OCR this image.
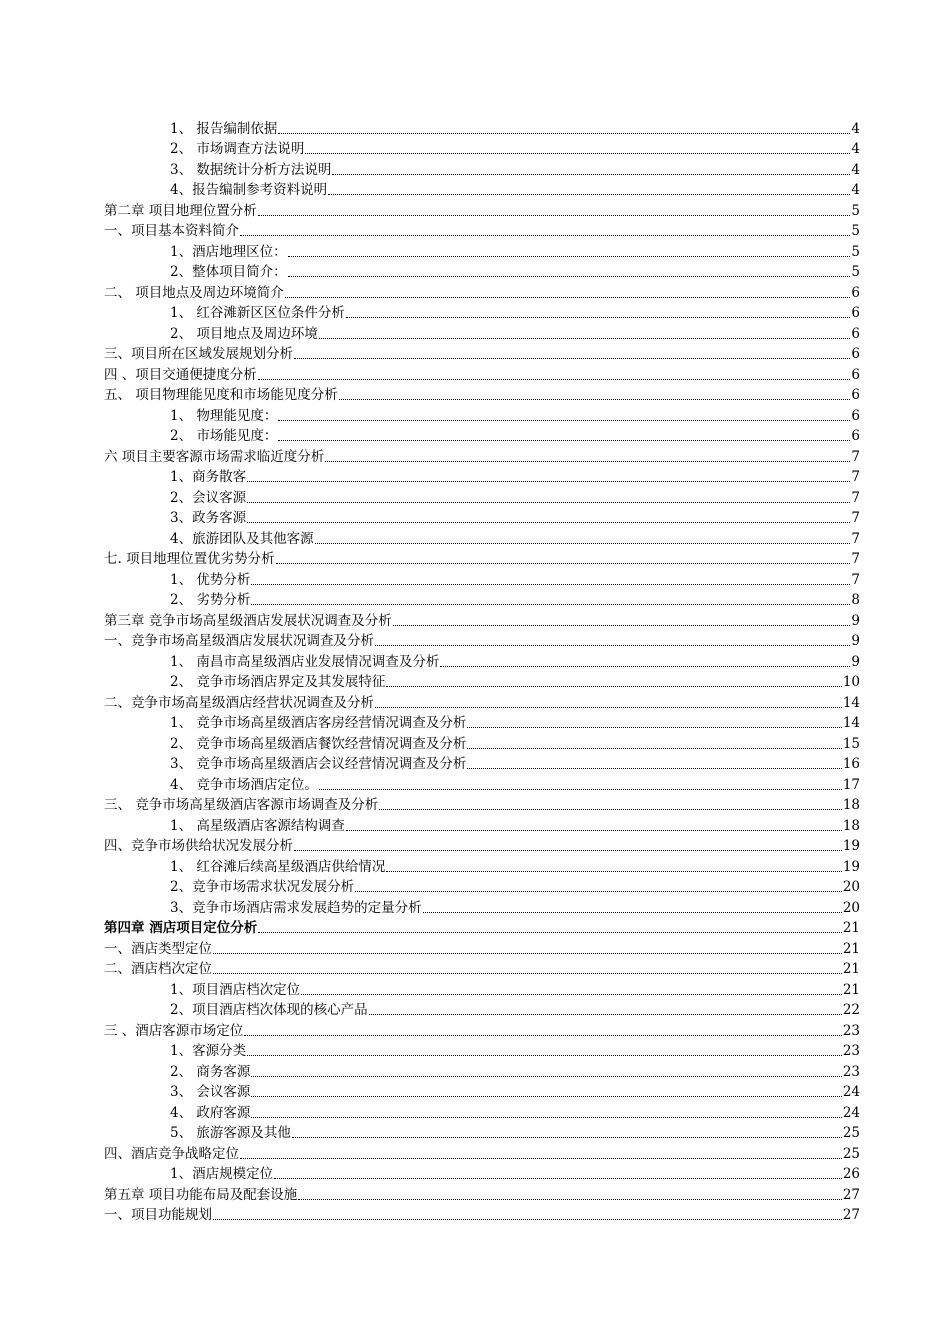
1、 报告编制依据	4
2、 市场调查方法说明	4
3、 数据统计分析方法说明	4
4、报告编制参考资料说明	4
第二章 项目地理位置分析	5
一、项目基本资料简介	5
1、酒店地理区位：	5
2、整体项目简介：	5
二、 项目地点及周边环境简介	6
1、 红谷滩新区区位条件分析	6
2、 项目地点及周边环境	6
三、项目所在区域发展规划分析	6
四 、项目交通便捷度分析	6
五、 项目物理能见度和市场能见度分析	6
1、 物理能见度：	6
2、 市场能见度：	6
六 项目主要客源市场需求临近度分析	7
1、商务散客	7
2、会议客源	7
3、政务客源	7
4、旅游团队及其他客源	7
七. 项目地理位置优劣势分析	7
1、 优势分析	7
2、 劣势分析	8
第三章 竞争市场高星级酒店发展状况调查及分析	9
一、竞争市场高星级酒店发展状况调查及分析	9
1、 南昌市高星级酒店业发展情况调查及分析	9
2、 竞争市场酒店界定及其发展特征	10
二、竞争市场高星级酒店经营状况调查及分析	14
1、 竞争市场高星级酒店客房经营情况调查及分析	14
2、 竞争市场高星级酒店餐饮经营情况调查及分析	15
3、 竞争市场高星级酒店会议经营情况调查及分析	16
4、 竞争市场酒店定位。	17
三、 竞争市场高星级酒店客源市场调查及分析	18
1、 高星级酒店客源结构调查	18
四、竞争市场供给状况发展分析	19
1、 红谷滩后续高星级酒店供给情况	19
2、竞争市场需求状况发展分析	20
3、竞争市场酒店需求发展趋势的定量分析	20
第四章 酒店项目定位分析	21
一、酒店类型定位	21
二、酒店档次定位	21
1、项目酒店档次定位	21
2、项目酒店档次体现的核心产品	22
三 、酒店客源市场定位	23
1、客源分类	23
2、 商务客源	23
3、 会议客源	24
4、 政府客源	24
5、 旅游客源及其他	25
四、酒店竞争战略定位	25
1、酒店规模定位	26
第五章 项目功能布局及配套设施	27
一、项目功能规划	27
